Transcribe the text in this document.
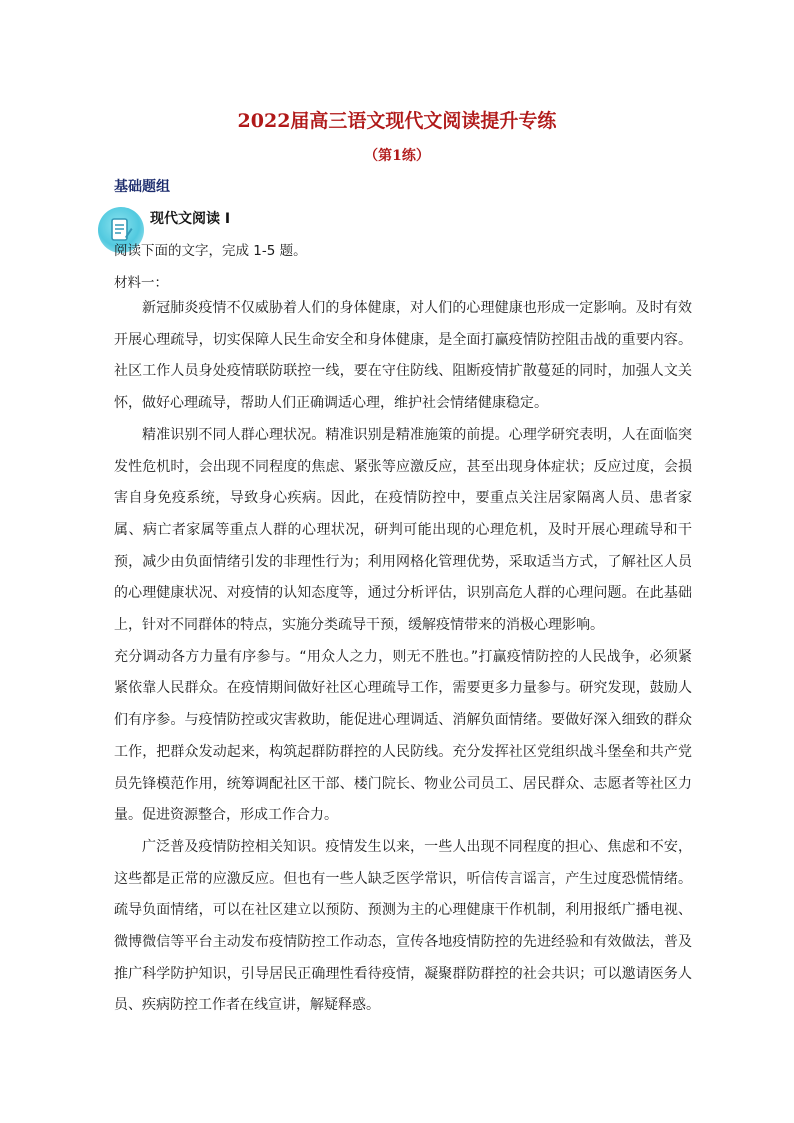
2022届高三语文现代文阅读提升专练
（第1练）
基础题组
现代文阅读 I
阅读下面的文字，完成 1-5 题。
材料一：

新冠肺炎疫情不仅威胁着人们的身体健康，对人们的心理健康也形成一定影响。及时有效开展心理疏导，切实保障人民生命安全和身体健康，是全面打赢疫情防控阻击战的重要内容。社区工作人员身处疫情联防联控一线，要在守住防线、阻断疫情扩散蔓延的同时，加强人文关怀，做好心理疏导，帮助人们正确调适心理，维护社会情绪健康稳定。

精准识别不同人群心理状况。精准识别是精准施策的前提。心理学研究表明，人在面临突发性危机时，会出现不同程度的焦虑、紧张等应激反应，甚至出现身体症状；反应过度，会损害自身免疫系统，导致身心疾病。因此，在疫情防控中，要重点关注居家隔离人员、患者家属、病亡者家属等重点人群的心理状况，研判可能出现的心理危机，及时开展心理疏导和干预，减少由负面情绪引发的非理性行为；利用网格化管理优势，采取适当方式，了解社区人员的心理健康状况、对疫情的认知态度等，通过分析评估，识别高危人群的心理问题。在此基础上，针对不同群体的特点，实施分类疏导干预，缓解疫情带来的消极心理影响。

充分调动各方力量有序参与。“用众人之力，则无不胜也。”打赢疫情防控的人民战争，必须紧紧依靠人民群众。在疫情期间做好社区心理疏导工作，需要更多力量参与。研究发现，鼓励人们有序参。与疫情防控或灾害救助，能促进心理调适、消解负面情绪。要做好深入细致的群众工作，把群众发动起来，构筑起群防群控的人民防线。充分发挥社区党组织战斗堡垒和共产党员先锋模范作用，统筹调配社区干部、楼门院长、物业公司员工、居民群众、志愿者等社区力量。促进资源整合，形成工作合力。

广泛普及疫情防控相关知识。疫情发生以来，一些人出现不同程度的担心、焦虑和不安，这些都是正常的应激反应。但也有一些人缺乏医学常识，听信传言谣言，产生过度恐慌情绪。疏导负面情绪，可以在社区建立以预防、预测为主的心理健康干作机制，利用报纸广播电视、微博微信等平台主动发布疫情防控工作动态，宣传各地疫情防控的先进经验和有效做法，普及推广科学防护知识，引导居民正确理性看待疫情，凝聚群防群控的社会共识；可以邀请医务人员、疾病防控工作者在线宣讲，解疑释惑。
